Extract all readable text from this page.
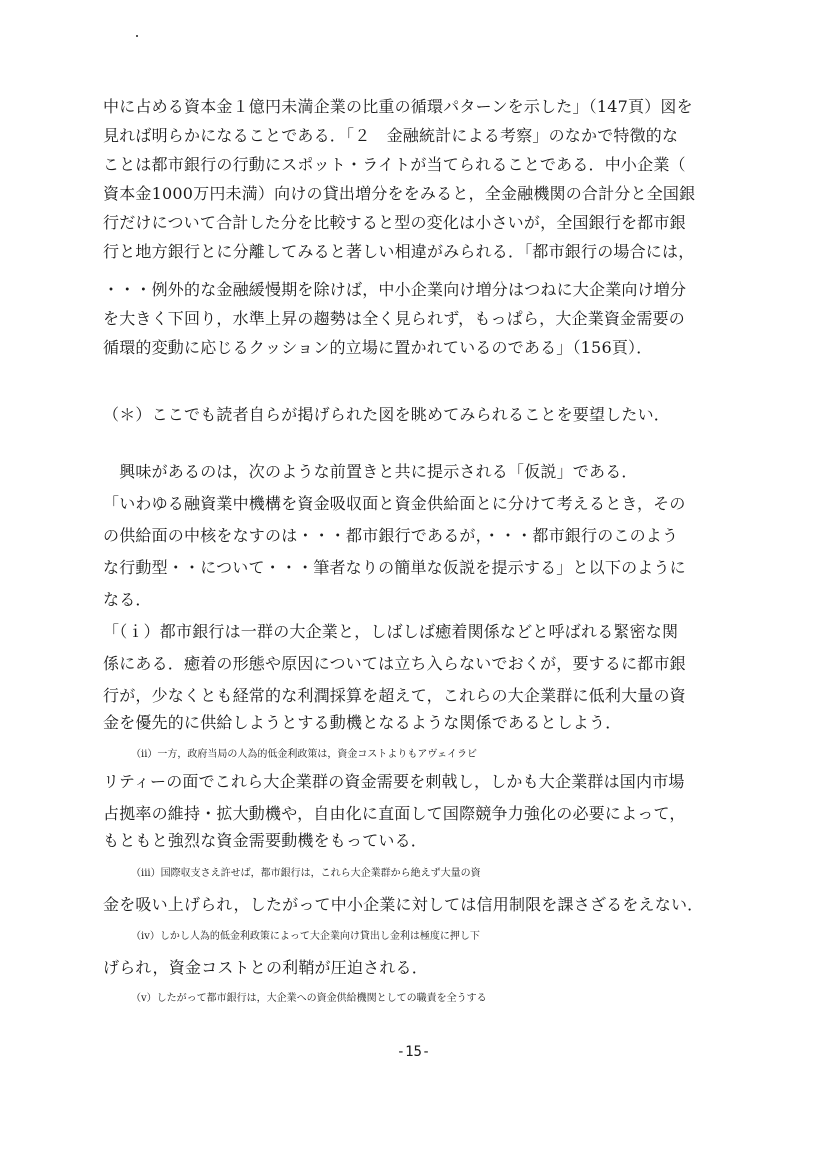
中に占める資本金１億円未満企業の比重の循環パターンを示した」（147頁）図を
見れば明らかになることである．「２　金融統計による考察」のなかで特徴的な
ことは都市銀行の行動にスポット・ライトが当てられることである．中小企業（
資本金1000万円未満）向けの貸出増分ををみると，全金融機関の合計分と全国銀
行だけについて合計した分を比較すると型の変化は小さいが，全国銀行を都市銀
行と地方銀行とに分離してみると著しい相違がみられる．「都市銀行の場合には，
・・・例外的な金融緩慢期を除けば，中小企業向け増分はつねに大企業向け増分
を大きく下回り，水準上昇の趨勢は全く見られず，もっぱら，大企業資金需要の
循環的変動に応じるクッション的立場に置かれているのである」（156頁）．
（＊）ここでも読者自らが掲げられた図を眺めてみられることを要望したい．
　興味があるのは，次のような前置きと共に提示される「仮説」である．
「いわゆる融資業中機構を資金吸収面と資金供給面とに分けて考えるとき，その
の供給面の中核をなすのは・・・都市銀行であるが，・・・都市銀行のこのよう
な行動型・・について・・・筆者なりの簡単な仮説を提示する」と以下のように
なる．
「（ｉ）都市銀行は一群の大企業と，しばしば癒着関係などと呼ばれる緊密な関
係にある．癒着の形態や原因については立ち入らないでおくが，要するに都市銀
行が，少なくとも経常的な利潤採算を超えて，これらの大企業群に低利大量の資
金を優先的に供給しようとする動機となるような関係であるとしよう．
（ii）一方，政府当局の人為的低金利政策は，資金コストよりもアヴェイラビ
リティーの面でこれら大企業群の資金需要を刺戟し，しかも大企業群は国内市場
占拠率の維持・拡大動機や，自由化に直面して国際競争力強化の必要によって，
もともと強烈な資金需要動機をもっている．
（iii）国際収支さえ許せば，都市銀行は，これら大企業群から絶えず大量の資
金を吸い上げられ，したがって中小企業に対しては信用制限を課さざるをえない．
（iv）しかし人為的低金利政策によって大企業向け貸出し金利は極度に押し下
げられ，資金コストとの利鞘が圧迫される．
（v）したがって都市銀行は，大企業への資金供給機関としての職責を全うする
-15-
